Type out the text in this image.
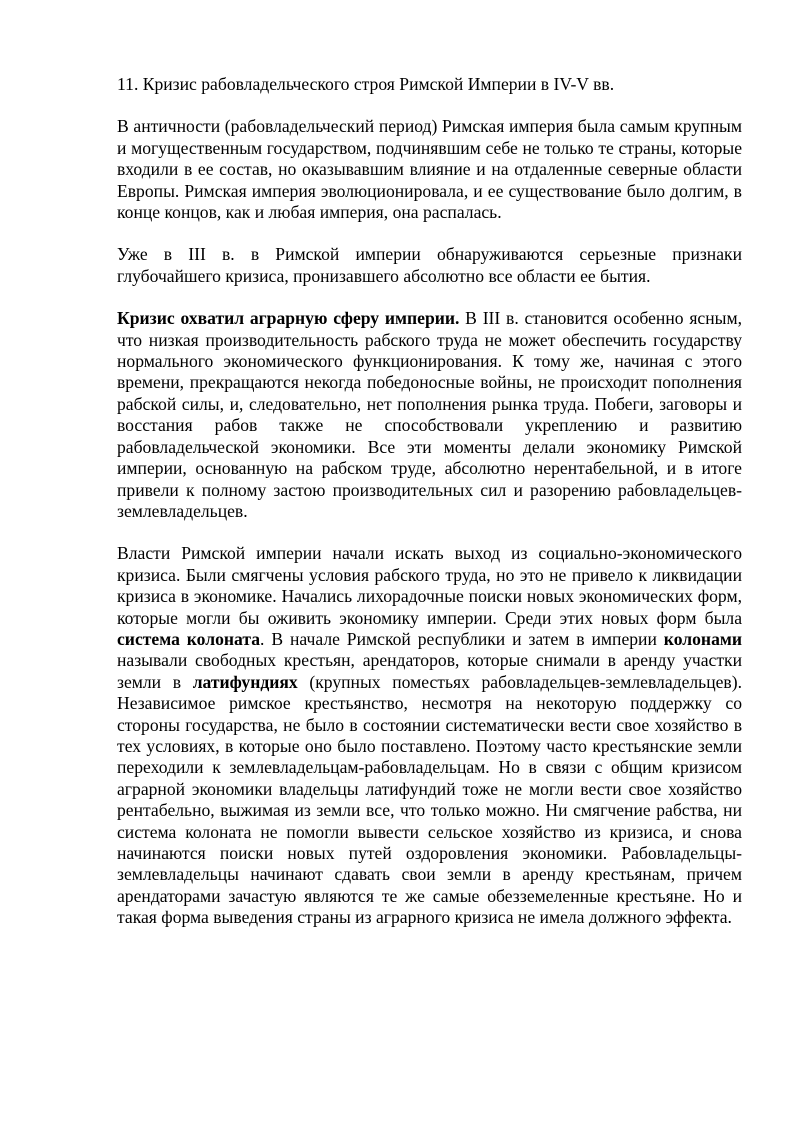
11. Кризис рабовладельческого строя Римской Империи в IV-V вв.

В античности (рабовладельческий период) Римская империя была самым крупным и могущественным государством, подчинявшим себе не только те страны, которые входили в ее состав, но оказывавшим влияние и на отдаленные северные области Европы. Римская империя эволюционировала, и ее существование было долгим, в конце концов, как и любая империя, она распалась.

Уже в III в. в Римской империи обнаруживаются серьезные признаки глубочайшего кризиса, пронизавшего абсолютно все области ее бытия.

Кризис охватил аграрную сферу империи. В III в. становится особенно ясным, что низкая производительность рабского труда не может обеспечить государству нормального экономического функционирования. К тому же, начиная с этого времени, прекращаются некогда победоносные войны, не происходит пополнения рабской силы, и, следовательно, нет пополнения рынка труда. Побеги, заговоры и восстания рабов также не способствовали укреплению и развитию рабовладельческой экономики. Все эти моменты делали экономику Римской империи, основанную на рабском труде, абсолютно нерентабельной, и в итоге привели к полному застою производительных сил и разорению рабовладельцев-землевладельцев.

Власти Римской империи начали искать выход из социально-экономического кризиса. Были смягчены условия рабского труда, но это не привело к ликвидации кризиса в экономике. Начались лихорадочные поиски новых экономических форм, которые могли бы оживить экономику империи. Среди этих новых форм была система колоната. В начале Римской республики и затем в империи колонами называли свободных крестьян, арендаторов, которые снимали в аренду участки земли в латифундиях (крупных поместьях рабовладельцев-землевладельцев). Независимое римское крестьянство, несмотря на некоторую поддержку со стороны государства, не было в состоянии систематически вести свое хозяйство в тех условиях, в которые оно было поставлено. Поэтому часто крестьянские земли переходили к землевладельцам-рабовладельцам. Но в связи с общим кризисом аграрной экономики владельцы латифундий тоже не могли вести свое хозяйство рентабельно, выжимая из земли все, что только можно. Ни смягчение рабства, ни система колоната не помогли вывести сельское хозяйство из кризиса, и снова начинаются поиски новых путей оздоровления экономики. Рабовладельцы-землевладельцы начинают сдавать свои земли в аренду крестьянам, причем арендаторами зачастую являются те же самые обезземеленные крестьяне. Но и такая форма выведения страны из аграрного кризиса не имела должного эффекта.
